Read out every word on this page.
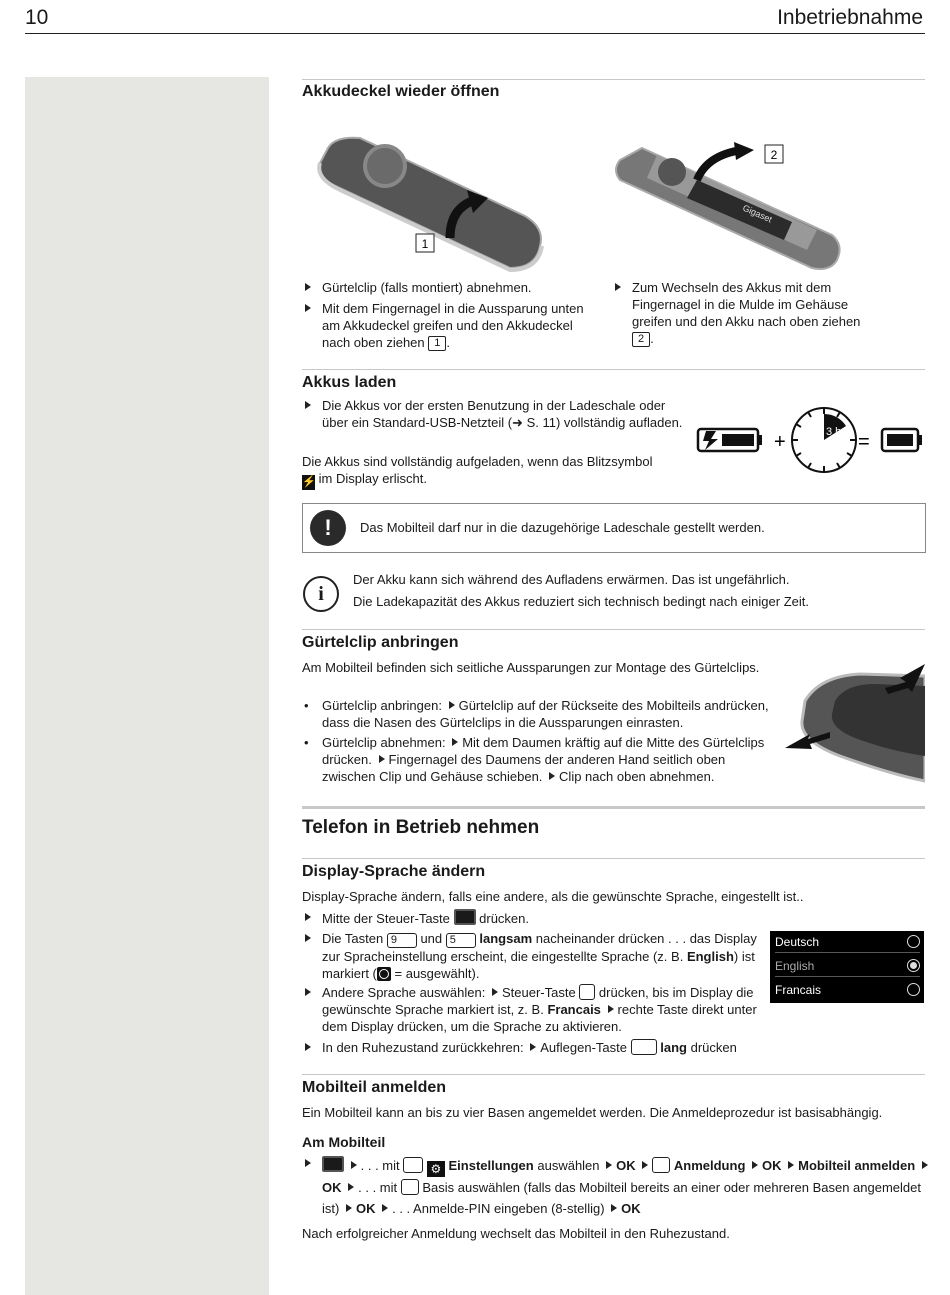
10	Inbetriebnahme
Akkudeckel wieder öffnen
1
Gigaset
2
Gürtelclip (falls montiert) abnehmen.
Mit dem Fingernagel in die Aussparung unten am Akkudeckel greifen und den Akkudeckel nach oben ziehen 1 .
Zum Wechseln des Akkus mit dem Fingernagel in die Mulde im Gehäuse greifen und den Akku nach oben ziehen 2 .
Akkus laden
Die Akkus vor der ersten Benutzung in der Ladeschale oder über ein Standard-USB-Netzteil (➜ S. 11) vollständig aufladen.
Die Akkus sind vollständig aufgeladen, wenn das Blitzsymbol
⚡ im Display erlischt.
+	3 h =
!	Das Mobilteil darf nur in die dazugehörige Ladeschale gestellt werden.
i
Der Akku kann sich während des Aufladens erwärmen. Das ist ungefährlich.
Die Ladekapazität des Akkus reduziert sich technisch bedingt nach einiger Zeit.
Gürtelclip anbringen
Am Mobilteil befinden sich seitliche Aussparungen zur Montage des Gürtelclips.
• Gürtelclip anbringen: Gürtelclip auf der Rückseite des Mobilteils andrücken, dass die Nasen des Gürtelclips in die Aussparungen einrasten.
• Gürtelclip abnehmen: Mit dem Daumen kräftig auf die Mitte des Gürtelclips drücken. Fingernagel des Daumens der anderen Hand seitlich oben zwischen Clip und Gehäuse schieben. Clip nach oben abnehmen.
Telefon in Betrieb nehmen
Display-Sprache ändern
Display-Sprache ändern, falls eine andere, als die gewünschte Sprache, eingestellt ist..
Mitte der Steuer-Taste drücken.
Die Tasten 9 und 5 langsam nacheinander drücken . . . das Display zur Spracheinstellung erscheint, die eingestellte Sprache (z. B. English) ist markiert ( = ausgewählt).
Andere Sprache auswählen: Steuer-Taste drücken, bis im Display die gewünschte Sprache markiert ist, z. B. Francais rechte Taste direkt unter dem Display drücken, um die Sprache zu aktivieren.
In den Ruhezustand zurückkehren: Auflegen-Taste	lang drücken
Deutsch
English
Francais
Mobilteil anmelden
Ein Mobilteil kann an bis zu vier Basen angemeldet werden. Die Anmeldeprozedur ist basisabhängig.
Am Mobilteil
. . . mit	⚙ Einstellungen auswählen OK	Anmeldung OK Mobilteil anmelden OK . . . mit Basis auswählen (falls das Mobilteil bereits an einer oder mehreren Basen angemeldet ist) OK . . . Anmelde-PIN eingeben (8-stellig) OK
Nach erfolgreicher Anmeldung wechselt das Mobilteil in den Ruhezustand.
